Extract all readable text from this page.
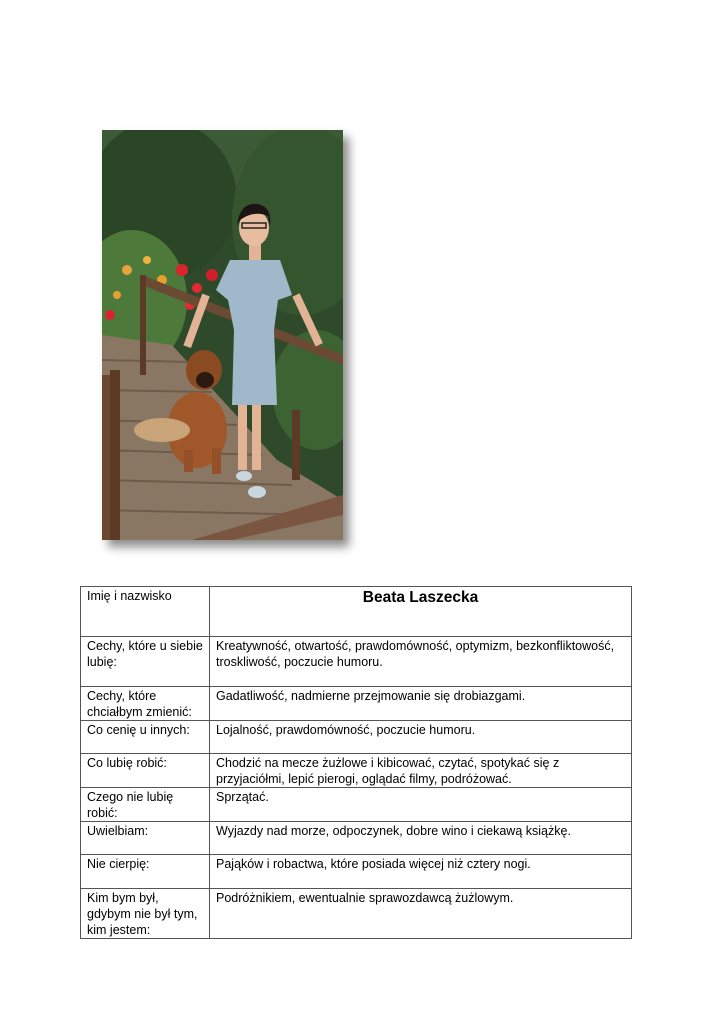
Imię i nazwisko	Beata Laszecka
Cechy, które u siebie lubię:	Kreatywność, otwartość, prawdomówność, optymizm, bezkonfliktowość, troskliwość, poczucie humoru.
Cechy, które chciałbym zmienić:	Gadatliwość, nadmierne przejmowanie się drobiazgami.
Co cenię u innych:	Lojalność, prawdomówność, poczucie humoru.
Co lubię robić:	Chodzić na mecze żużlowe i kibicować, czytać, spotykać się z przyjaciółmi, lepić pierogi, oglądać filmy, podróżować.
Czego nie lubię robić:	Sprzątać.
Uwielbiam:	Wyjazdy nad morze, odpoczynek, dobre wino i ciekawą książkę.
Nie cierpię:	Pająków i robactwa, które posiada więcej niż cztery nogi.
Kim bym był, gdybym nie był tym, kim jestem:	Podróżnikiem, ewentualnie sprawozdawcą żużlowym.
